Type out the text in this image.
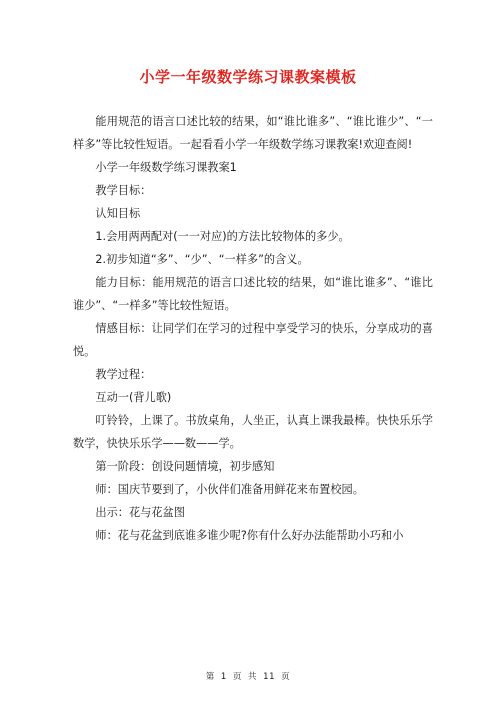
小学一年级数学练习课教案模板

能用规范的语言口述比较的结果，如“谁比谁多”、“谁比谁少”、“一样多”等比较性短语。一起看看小学一年级数学练习课教案!欢迎查阅!

小学一年级数学练习课教案1

教学目标：

认知目标

1.会用两两配对(一一对应)的方法比较物体的多少。

2.初步知道“多”、“少”、“一样多”的含义。

能力目标：能用规范的语言口述比较的结果，如“谁比谁多”、“谁比谁少”、“一样多”等比较性短语。

情感目标：让同学们在学习的过程中享受学习的快乐，分享成功的喜悦。

教学过程：

互动一(背儿歌)

叮铃铃，上课了。书放桌角，人坐正，认真上课我最棒。快快乐乐学数学，快快乐乐学——数——学。

第一阶段：创设问题情境，初步感知

师：国庆节要到了，小伙伴们准备用鲜花来布置校园。

出示：花与花盆图

师：花与花盆到底谁多谁少呢?你有什么好办法能帮助小巧和小

第 1 页 共 11 页
